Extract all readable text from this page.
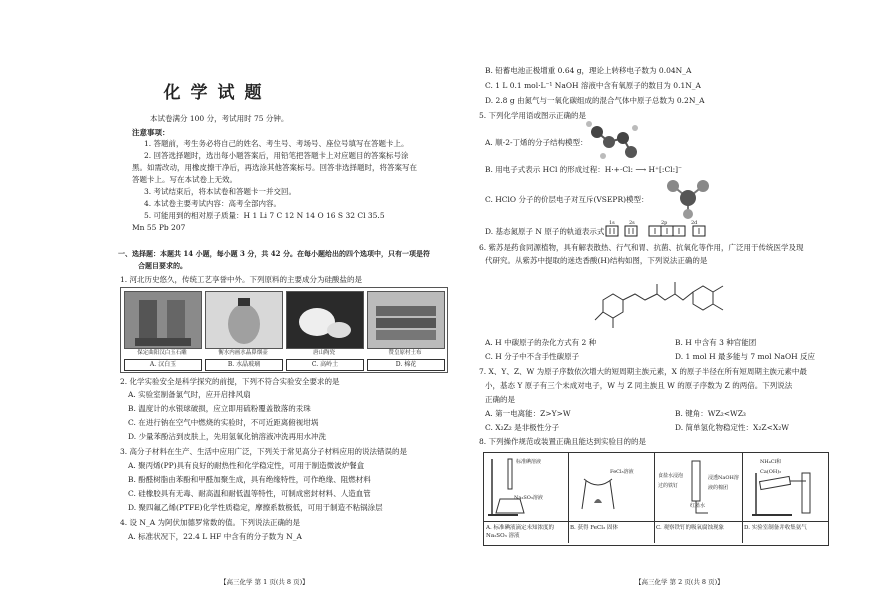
化学试题
本试卷满分 100 分，考试用时 75 分钟。
注意事项：
1. 答题前，考生务必将自己的姓名、考生号、考场号、座位号填写在答题卡上。
2. 回答选择题时，选出每小题答案后，用铅笔把答题卡上对应题目的答案标号涂
黑。如需改动，用橡皮擦干净后，再选涂其他答案标号。回答非选择题时，将答案写在
答题卡上。写在本试卷上无效。
3. 考试结束后，将本试卷和答题卡一并交回。
4. 本试卷主要考试内容：高考全部内容。
5. 可能用到的相对原子质量：H 1 Li 7 C 12 N 14 O 16 S 32 Cl 35.5
Mn 55 Pb 207
一、选择题：本题共 14 小题，每小题 3 分，共 42 分。在每小题给出的四个选项中，只有一项是符
合题目要求的。
1. 河北历史悠久，传统工艺享誉中外。下列原料的主要成分为硅酸盐的是
保定曲阳汉白玉石雕
A. 汉白玉
衡水内画水晶鼻烟壶
B. 水晶玻璃
唐山陶瓷
C. 高岭土
赞皇原村土布
D. 棉花
2. 化学实验安全是科学探究的前提，下列不符合实验安全要求的是
A. 实验室制备氯气时，应开启排风扇
B. 温度计的水银球破损，应立即用硫粉覆盖散落的汞珠
C. 在进行钠在空气中燃烧的实验时，不可近距离俯视坩埚
D. 少量苯酚沾到皮肤上，先用氢氧化钠溶液冲洗再用水冲洗
3. 高分子材料在生产、生活中应用广泛，下列关于常见高分子材料应用的说法错误的是
A. 聚丙烯(PP)具有良好的耐热性和化学稳定性，可用于制造微波炉餐盒
B. 酚醛树脂由苯酚和甲醛加聚生成，具有绝缘特性，可作绝缘、阻燃材料
C. 硅橡胶具有无毒、耐高温和耐低温等特性，可制成密封材料、人造血管
D. 聚四氟乙烯(PTFE)化学性质稳定，摩擦系数极低，可用于制造不粘锅涂层
4. 设 N_A 为阿伏加德罗常数的值。下列说法正确的是
A. 标准状况下，22.4 L HF 中含有的分子数为 N_A
【高三化学 第 1 页(共 8 页)】
B. 铅蓄电池正极增重 0.64 g，理论上转移电子数为 0.04N_A
C. 1 L 0.1 mol·L⁻¹ NaOH 溶液中含有氧原子的数目为 0.1N_A
D. 2.8 g 由氮气与一氧化碳组成的混合气体中原子总数为 0.2N_A
5. 下列化学用语或图示正确的是
A. 顺-2-丁烯的分子结构模型：
B. 用电子式表示 HCl 的形成过程：H·+·Cl: ⟶ H⁺[:Cl:]⁻
C. HClO 分子的价层电子对互斥(VSEPR)模型：
D. 基态氮原子 N 原子的轨道表示式：
1s	2s	2p	2d
6. 紫苏是药食同源植物，具有解表散热、行气和胃、抗菌、抗氧化等作用，广泛用于传统医学及现
代研究。从紫苏中提取的迷迭香酸(H)结构如图，下列说法正确的是
A. H 中碳原子的杂化方式有 2 种	B. H 中含有 3 种官能团
C. H 分子中不含手性碳原子	D. 1 mol H 最多能与 7 mol NaOH 反应
7. X、Y、Z、W 为原子序数依次增大的短周期主族元素，X 的原子半径在所有短周期主族元素中最
小，基态 Y 原子有三个未成对电子，W 与 Z 同主族且 W 的原子序数为 Z 的两倍。下列说法
正确的是
A. 第一电离能：Z>Y>W	B. 键角：WZ₂<WZ₃
C. X₂Z₂ 是非极性分子	D. 简单氢化物稳定性：X₂Z<X₂W
8. 下列操作规范或装置正确且能达到实验目的的是
标准碘溶液
Na₂SO₃溶液
A. 标准碘液滴定未知浓度的 Na₂SO₃ 溶液
FeCl₃溶液
B. 获得 FeCl₃ 固体
食盐水浸泡过的铁钉
红墨水
浸透NaOH溶液的棉团
C. 观察铁钉的吸氧腐蚀现象
NH₄Cl和Ca(OH)₂
D. 实验室制备并收集氨气
【高三化学 第 2 页(共 8 页)】
